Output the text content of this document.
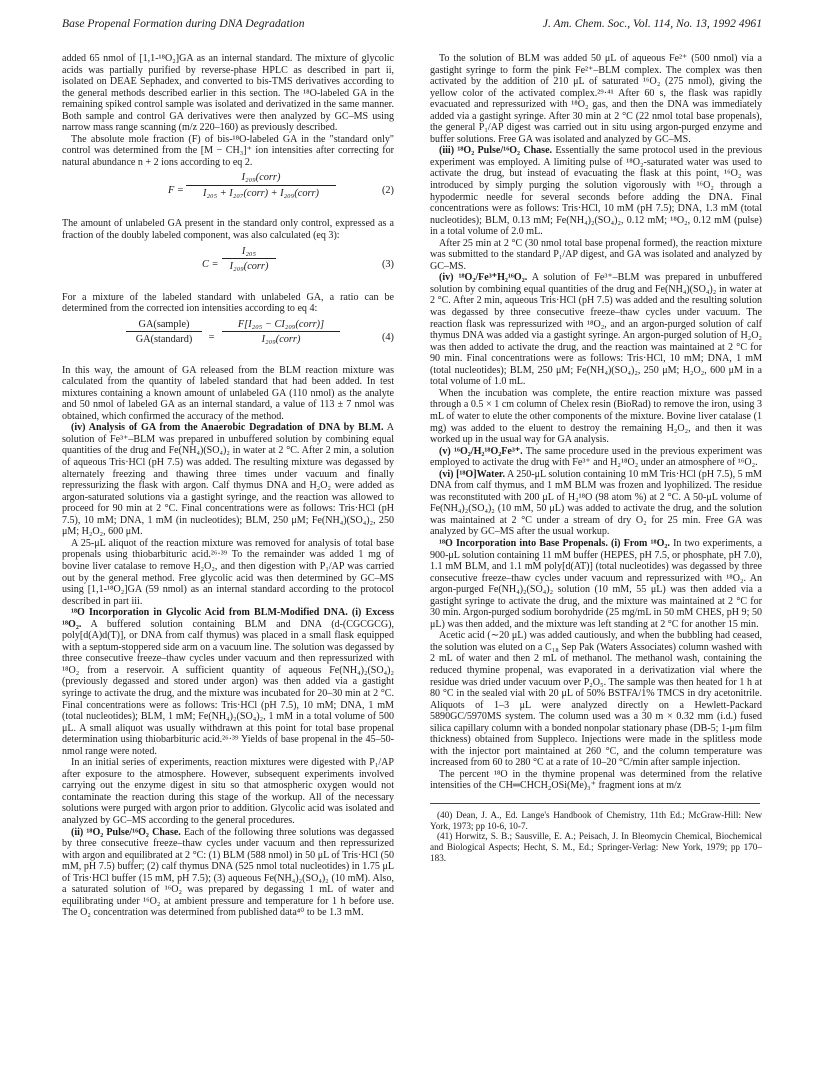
Base Propenal Formation during DNA Degradation	J. Am. Chem. Soc., Vol. 114, No. 13, 1992 4961

added 65 nmol of [1,1-¹⁸O₂]GA as an internal standard. The mixture of glycolic acids was partially purified by reverse-phase HPLC as described in part ii, isolated on DEAE Sephadex, and converted to bis-TMS derivatives according to the general methods described earlier in this section. The ¹⁸O-labeled GA in the remaining spiked control sample was isolated and derivatized in the same manner. Both sample and control GA derivatives were then analyzed by GC–MS using narrow mass range scanning (m/z 220–160) as previously described.

The absolute mole fraction (F) of bis-¹⁸O-labeled GA in the "standard only" control was determined from the [M − CH₃]⁺ ion intensities after correcting for natural abundance n + 2 ions according to eq 2.

F =
I₂₀₉(corr)
I₂₀₅ + I₂₀₇(corr) + I₂₀₉(corr)	(2)

The amount of unlabeled GA present in the standard only control, expressed as a fraction of the doubly labeled component, was also calculated (eq 3):

C =
I₂₀₅
I₂₀₉(corr)	(3)

For a mixture of the labeled standard with unlabeled GA, a ratio can be determined from the corrected ion intensities according to eq 4:

GA(sample)
GA(standard)	=
F[I₂₀₅ − CI₂₀₉(corr)]
I₂₀₉(corr)	(4)

In this way, the amount of GA released from the BLM reaction mixture was calculated from the quantity of labeled standard that had been added. In test mixtures containing a known amount of unlabeled GA (110 nmol) as the analyte and 50 nmol of labeled GA as an internal standard, a value of 113 ± 7 nmol was obtained, which confirmed the accuracy of the method.

(iv) Analysis of GA from the Anaerobic Degradation of DNA by BLM. A solution of Fe³⁺–BLM was prepared in unbuffered solution by combining equal quantities of the drug and Fe(NH₄)(SO₄)₂ in water at 2 °C. After 2 min, a solution of aqueous Tris·HCl (pH 7.5) was added. The resulting mixture was degassed by alternately freezing and thawing three times under vacuum and finally repressurizing the flask with argon. Calf thymus DNA and H₂O₂ were added as argon-saturated solutions via a gastight syringe, and the reaction was allowed to proceed for 90 min at 2 °C. Final concentrations were as follows: Tris·HCl (pH 7.5), 10 mM; DNA, 1 mM (in nucleotides); BLM, 250 μM; Fe(NH₄)(SO₄)₂, 250 μM; H₂O₂, 600 μM.

A 25-μL aliquot of the reaction mixture was removed for analysis of total base propenals using thiobarbituric acid.²⁶·³⁹ To the remainder was added 1 mg of bovine liver catalase to remove H₂O₂, and then digestion with P₁/AP was carried out by the general method. Free glycolic acid was then determined by GC–MS using [1,1-¹⁸O₂]GA (59 nmol) as an internal standard according to the protocol described in part iii.

¹⁸O Incorporation in Glycolic Acid from BLM-Modified DNA. (i) Excess ¹⁸O₂. A buffered solution containing BLM and DNA (d-(CGCGCG), poly[d(A)d(T)], or DNA from calf thymus) was placed in a small flask equipped with a septum-stoppered side arm on a vacuum line. The solution was degassed by three consecutive freeze–thaw cycles under vacuum and then repressurized with ¹⁸O₂ from a reservoir. A sufficient quantity of aqueous Fe(NH₄)₂(SO₄)₂ (previously degassed and stored under argon) was then added via a gastight syringe to activate the drug, and the mixture was incubated for 20–30 min at 2 °C. Final concentrations were as follows: Tris·HCl (pH 7.5), 10 mM; DNA, 1 mM (total nucleotides); BLM, 1 mM; Fe(NH₄)₂(SO₄)₂, 1 mM in a total volume of 500 μL. A small aliquot was usually withdrawn at this point for total base propenal determination using thiobarbituric acid.²⁶·³⁹ Yields of base propenal in the 45–50-nmol range were noted.

In an initial series of experiments, reaction mixtures were digested with P₁/AP after exposure to the atmosphere. However, subsequent experiments involved carrying out the enzyme digest in situ so that atmospheric oxygen would not contaminate the reaction during this stage of the workup. All of the necessary solutions were purged with argon prior to addition. Glycolic acid was isolated and analyzed by GC–MS according to the general procedures.

(ii) ¹⁸O₂ Pulse/¹⁶O₂ Chase. Each of the following three solutions was degassed by three consecutive freeze–thaw cycles under vacuum and then repressurized with argon and equilibrated at 2 °C: (1) BLM (588 nmol) in 50 μL of Tris·HCl (50 mM, pH 7.5) buffer; (2) calf thymus DNA (525 nmol total nucleotides) in 1.75 μL of Tris·HCl buffer (15 mM, pH 7.5); (3) aqueous Fe(NH₄)₂(SO₄)₂ (10 mM). Also, a saturated solution of ¹⁶O₂ was prepared by degassing 1 mL of water and equilibrating under ¹⁶O₂ at ambient pressure and temperature for 1 h before use. The O₂ concentration was determined from published data⁴⁰ to be 1.3 mM.

To the solution of BLM was added 50 μL of aqueous Fe²⁺ (500 nmol) via a gastight syringe to form the pink Fe²⁺–BLM complex. The complex was then activated by the addition of 210 μL of saturated ¹⁶O₂ (275 nmol), giving the yellow color of the activated complex.²⁹·⁴¹ After 60 s, the flask was rapidly evacuated and repressurized with ¹⁸O₂ gas, and then the DNA was immediately added via a gastight syringe. After 30 min at 2 °C (22 nmol total base propenals), the general P₁/AP digest was carried out in situ using argon-purged enzyme and buffer solutions. Free GA was isolated and analyzed by GC–MS.

(iii) ¹⁸O₂ Pulse/¹⁶O₂ Chase. Essentially the same protocol used in the previous experiment was employed. A limiting pulse of ¹⁸O₂-saturated water was used to activate the drug, but instead of evacuating the flask at this point, ¹⁶O₂ was introduced by simply purging the solution vigorously with ¹⁶O₂ through a hypodermic needle for several seconds before adding the DNA. Final concentrations were as follows: Tris·HCl, 10 mM (pH 7.5); DNA, 1.3 mM (total nucleotides); BLM, 0.13 mM; Fe(NH₄)₂(SO₄)₂, 0.12 mM; ¹⁸O₂, 0.12 mM (pulse) in a total volume of 2.0 mL.

After 25 min at 2 °C (30 nmol total base propenal formed), the reaction mixture was submitted to the standard P₁/AP digest, and GA was isolated and analyzed by GC–MS.

(iv) ¹⁸O₂/Fe³⁺H₂¹⁶O₂. A solution of Fe³⁺–BLM was prepared in unbuffered solution by combining equal quantities of the drug and Fe(NH₄)(SO₄)₂ in water at 2 °C. After 2 min, aqueous Tris·HCl (pH 7.5) was added and the resulting solution was degassed by three consecutive freeze–thaw cycles under vacuum. The reaction flask was repressurized with ¹⁸O₂, and an argon-purged solution of calf thymus DNA was added via a gastight syringe. An argon-purged solution of H₂O₂ was then added to activate the drug, and the reaction was maintained at 2 °C for 90 min. Final concentrations were as follows: Tris·HCl, 10 mM; DNA, 1 mM (total nucleotides); BLM, 250 μM; Fe(NH₄)(SO₄)₂, 250 μM; H₂O₂, 600 μM in a total volume of 1.0 mL.

When the incubation was complete, the entire reaction mixture was passed through a 0.5 × 1 cm column of Chelex resin (BioRad) to remove the iron, using 3 mL of water to elute the other components of the mixture. Bovine liver catalase (1 mg) was added to the eluent to destroy the remaining H₂O₂, and then it was worked up in the usual way for GA analysis.

(v) ¹⁶O₂/H₂¹⁸O₂Fe³⁺. The same procedure used in the previous experiment was employed to activate the drug with Fe³⁺ and H₂¹⁸O₂ under an atmosphere of ¹⁶O₂.

(vi) [¹⁸O]Water. A 250-μL solution containing 10 mM Tris·HCl (pH 7.5), 5 mM DNA from calf thymus, and 1 mM BLM was frozen and lyophilized. The residue was reconstituted with 200 μL of H₂¹⁸O (98 atom %) at 2 °C. A 50-μL volume of Fe(NH₄)₂(SO₄)₂ (10 mM, 50 μL) was added to activate the drug, and the solution was maintained at 2 °C under a stream of dry O₂ for 25 min. Free GA was analyzed by GC–MS after the usual workup.

¹⁸O Incorporation into Base Propenals. (i) From ¹⁸O₂. In two experiments, a 900-μL solution containing 11 mM buffer (HEPES, pH 7.5, or phosphate, pH 7.0), 1.1 mM BLM, and 1.1 mM poly[d(AT)] (total nucleotides) was degassed by three consecutive freeze–thaw cycles under vacuum and repressurized with ¹⁸O₂. An argon-purged Fe(NH₄)₂(SO₄)₂ solution (10 mM, 55 μL) was then added via a gastight syringe to activate the drug, and the mixture was maintained at 2 °C for 30 min. Argon-purged sodium borohydride (25 mg/mL in 50 mM CHES, pH 9; 50 μL) was then added, and the mixture was left standing at 2 °C for another 15 min.

Acetic acid (∼20 μL) was added cautiously, and when the bubbling had ceased, the solution was eluted on a C₁₈ Sep Pak (Waters Associates) column washed with 2 mL of water and then 2 mL of methanol. The methanol wash, containing the reduced thymine propenal, was evaporated in a derivatization vial where the residue was dried under vacuum over P₂O₅. The sample was then heated for 1 h at 80 °C in the sealed vial with 20 μL of 50% BSTFA/1% TMCS in dry acetonitrile. Aliquots of 1–3 μL were analyzed directly on a Hewlett-Packard 5890GC/5970MS system. The column used was a 30 m × 0.32 mm (i.d.) fused silica capillary column with a bonded nonpolar stationary phase (DB-5; 1-μm film thickness) obtained from Suppleco. Injections were made in the splitless mode with the injector port maintained at 260 °C, and the column temperature was increased from 60 to 280 °C at a rate of 10–20 °C/min after sample injection.

The percent ¹⁸O in the thymine propenal was determined from the relative intensities of the CH═CHCH₂OSi(Me)₃⁺ fragment ions at m/z

(40) Dean, J. A., Ed. Lange's Handbook of Chemistry, 11th Ed.; McGraw-Hill: New York, 1973; pp 10-6, 10-7.

(41) Horwitz, S. B.; Sausville, E. A.; Peisach, J. In Bleomycin Chemical, Biochemical and Biological Aspects; Hecht, S. M., Ed.; Springer-Verlag: New York, 1979; pp 170–183.
